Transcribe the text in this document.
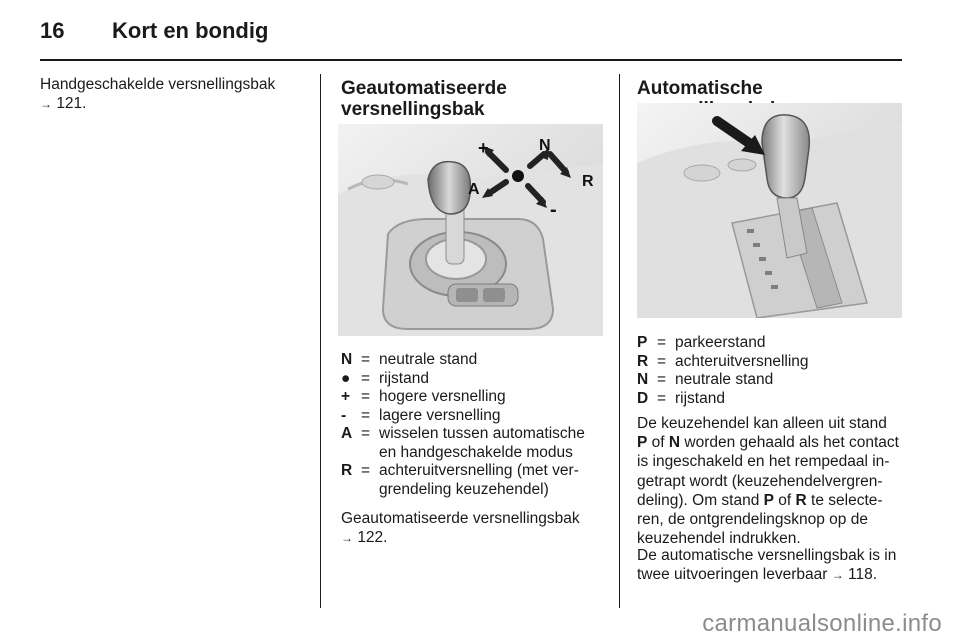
16 Kort en bondig
Handgeschakelde versnellingsbak
→ 121.
Geautomatiseerde
versnellingsbak
+	N
R
A
-
N = neutrale stand
● = rijstand
+ = hogere versnelling
- = lagere versnelling
A = wisselen tussen automatische
en handgeschakelde modus
R = achteruitversnelling (met ver-
grendeling keuzehendel)
Geautomatiseerde versnellingsbak
→ 122.
Automatische
P = parkeerstand
R = achteruitversnelling
N = neutrale stand
D = rijstand
De keuzehendel kan alleen uit stand
P of N worden gehaald als het contact
is ingeschakeld en het rempedaal in-
getrapt wordt (keuzehendelvergren-
deling). Om stand P of R te selecte-
ren, de ontgrendelingsknop op de
keuzehendel indrukken.
De automatische versnellingsbak is in
twee uitvoeringen leverbaar → 118.
carmanualsonline.info
